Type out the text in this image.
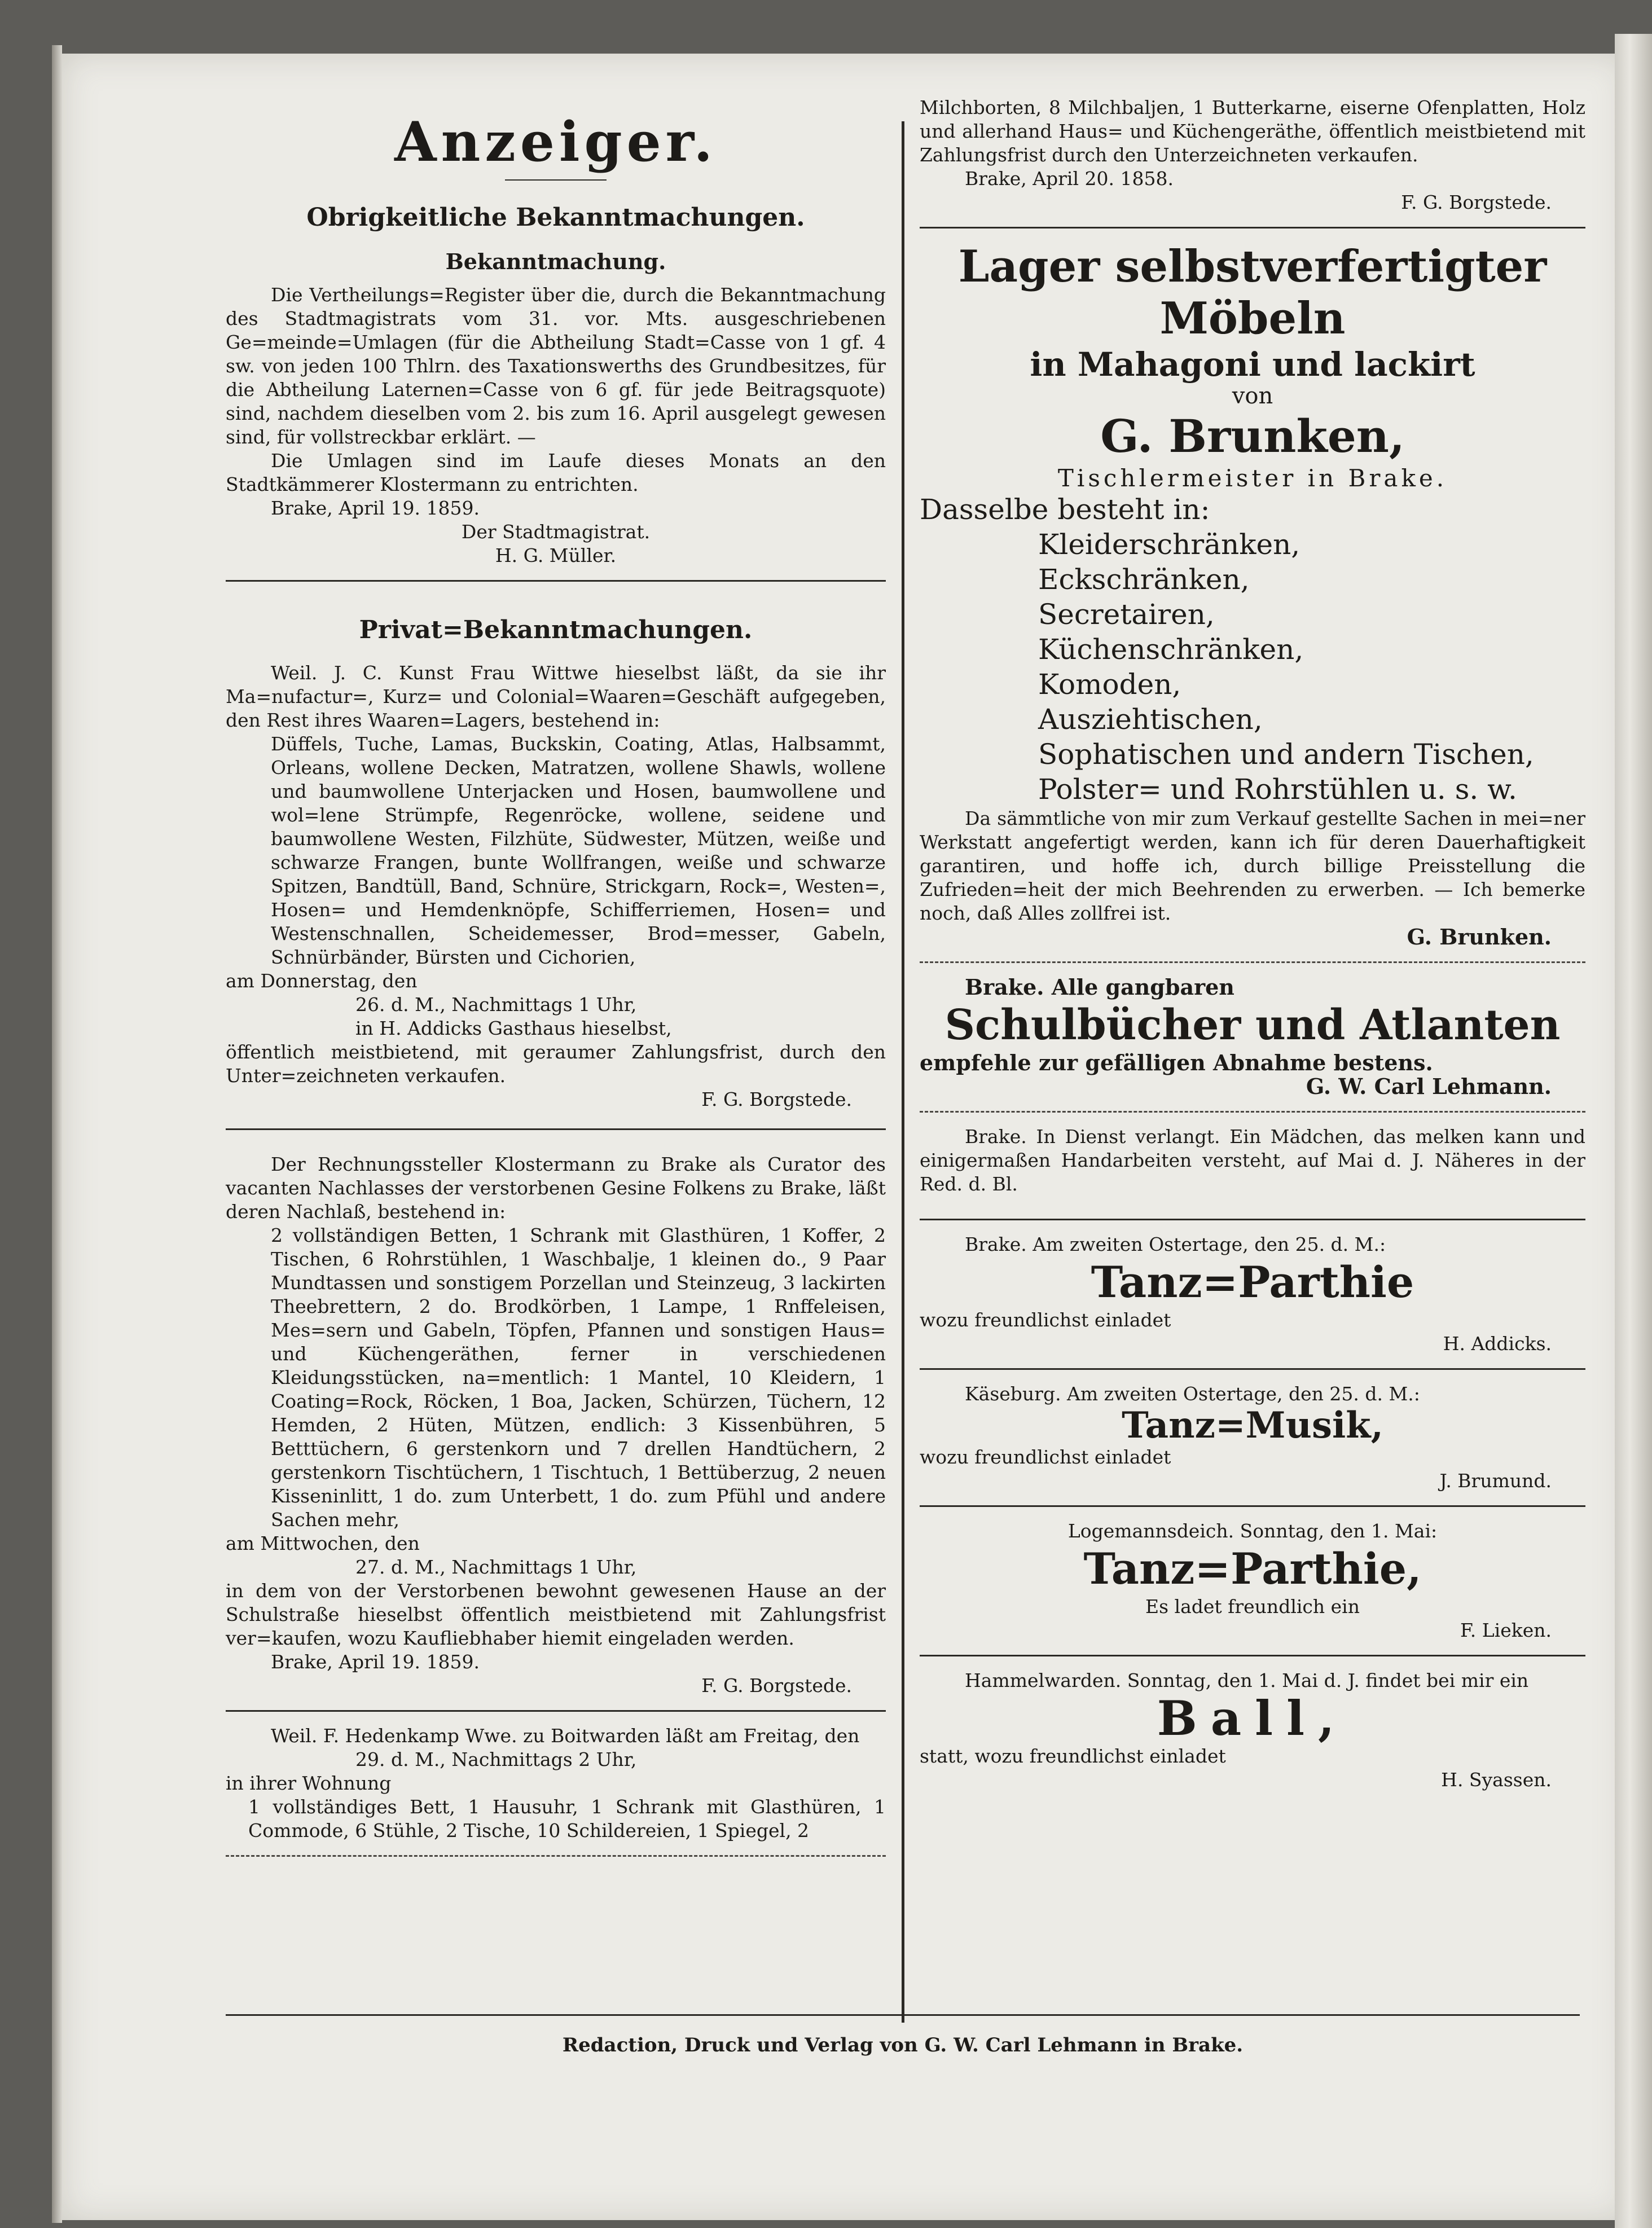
Anzeiger.
Obrigkeitliche Bekanntmachungen.
Bekanntmachung.

Die Vertheilungs=Register über die, durch die Bekanntmachung des Stadtmagistrats vom 31. vor. Mts. ausgeschriebenen Ge=meinde=Umlagen (für die Abtheilung Stadt=Casse von 1 gf. 4 sw. von jeden 100 Thlrn. des Taxationswerths des Grundbesitzes, für die Abtheilung Laternen=Casse von 6 gf. für jede Beitragsquote) sind, nachdem dieselben vom 2. bis zum 16. April ausgelegt gewesen sind, für vollstreckbar erklärt. —

Die Umlagen sind im Laufe dieses Monats an den Stadtkämmerer Klostermann zu entrichten.

Brake, April 19. 1859.

Der Stadtmagistrat.

H. G. Müller.

Privat=Bekanntmachungen.

Weil. J. C. Kunst Frau Wittwe hieselbst läßt, da sie ihr Ma=nufactur=, Kurz= und Colonial=Waaren=Geschäft aufgegeben, den Rest ihres Waaren=Lagers, bestehend in:

Düffels, Tuche, Lamas, Buckskin, Coating, Atlas, Halbsammt, Orleans, wollene Decken, Matratzen, wollene Shawls, wollene und baumwollene Unterjacken und Hosen, baumwollene und wol=lene Strümpfe, Regenröcke, wollene, seidene und baumwollene Westen, Filzhüte, Südwester, Mützen, weiße und schwarze Frangen, bunte Wollfrangen, weiße und schwarze Spitzen, Bandtüll, Band, Schnüre, Strickgarn, Rock=, Westen=, Hosen= und Hemdenknöpfe, Schifferriemen, Hosen= und Westenschnallen, Scheidemesser, Brod=messer, Gabeln, Schnürbänder, Bürsten und Cichorien,

am Donnerstag, den

26. d. M., Nachmittags 1 Uhr,

in H. Addicks Gasthaus hieselbst,

öffentlich meistbietend, mit geraumer Zahlungsfrist, durch den Unter=zeichneten verkaufen.

F. G. Borgstede.

Der Rechnungssteller Klostermann zu Brake als Curator des vacanten Nachlasses der verstorbenen Gesine Folkens zu Brake, läßt deren Nachlaß, bestehend in:

2 vollständigen Betten, 1 Schrank mit Glasthüren, 1 Koffer, 2 Tischen, 6 Rohrstühlen, 1 Waschbalje, 1 kleinen do., 9 Paar Mundtassen und sonstigem Porzellan und Steinzeug, 3 lackirten Theebrettern, 2 do. Brodkörben, 1 Lampe, 1 Rnffeleisen, Mes=sern und Gabeln, Töpfen, Pfannen und sonstigen Haus= und Küchengeräthen, ferner in verschiedenen Kleidungsstücken, na=mentlich: 1 Mantel, 10 Kleidern, 1 Coating=Rock, Röcken, 1 Boa, Jacken, Schürzen, Tüchern, 12 Hemden, 2 Hüten, Mützen, endlich: 3 Kissenbühren, 5 Betttüchern, 6 gerstenkorn und 7 drellen Handtüchern, 2 gerstenkorn Tischtüchern, 1 Tischtuch, 1 Bettüberzug, 2 neuen Kisseninlitt, 1 do. zum Unterbett, 1 do. zum Pfühl und andere Sachen mehr,

am Mittwochen, den

27. d. M., Nachmittags 1 Uhr,

in dem von der Verstorbenen bewohnt gewesenen Hause an der Schulstraße hieselbst öffentlich meistbietend mit Zahlungsfrist ver=kaufen, wozu Kaufliebhaber hiemit eingeladen werden.

Brake, April 19. 1859.

F. G. Borgstede.

Weil. F. Hedenkamp Wwe. zu Boitwarden läßt am Freitag, den

29. d. M., Nachmittags 2 Uhr,

in ihrer Wohnung

1 vollständiges Bett, 1 Hausuhr, 1 Schrank mit Glasthüren, 1 Commode, 6 Stühle, 2 Tische, 10 Schildereien, 1 Spiegel, 2

Milchborten, 8 Milchbaljen, 1 Butterkarne, eiserne Ofenplatten, Holz und allerhand Haus= und Küchengeräthe, öffentlich meistbietend mit Zahlungsfrist durch den Unterzeichneten verkaufen.

Brake, April 20. 1858.

F. G. Borgstede.

Lager selbstverfertigter Möbeln

in Mahagoni und lackirt

von

G. Brunken,

Tischlermeister in Brake.

Dasselbe besteht in:

Kleiderschränken,
Eckschränken,
Secretairen,
Küchenschränken,
Komoden,
Ausziehtischen,
Sophatischen und andern Tischen,
Polster= und Rohrstühlen u. s. w.

Da sämmtliche von mir zum Verkauf gestellte Sachen in mei=ner Werkstatt angefertigt werden, kann ich für deren Dauerhaftigkeit garantiren, und hoffe ich, durch billige Preisstellung die Zufrieden=heit der mich Beehrenden zu erwerben. — Ich bemerke noch, daß Alles zollfrei ist.

G. Brunken.

Brake. Alle gangbaren

Schulbücher und Atlanten

empfehle zur gefälligen Abnahme bestens.

G. W. Carl Lehmann.

Brake. In Dienst verlangt. Ein Mädchen, das melken kann und einigermaßen Handarbeiten versteht, auf Mai d. J. Näheres in der Red. d. Bl.

Brake. Am zweiten Ostertage, den 25. d. M.:

Tanz=Parthie

wozu freundlichst einladet

H. Addicks.

Käseburg. Am zweiten Ostertage, den 25. d. M.:

Tanz=Musik,

wozu freundlichst einladet

J. Brumund.

Logemannsdeich. Sonntag, den 1. Mai:

Tanz=Parthie,

Es ladet freundlich ein

F. Lieken.

Hammelwarden. Sonntag, den 1. Mai d. J. findet bei mir ein

Ball,

statt, wozu freundlichst einladet

H. Syassen.

Redaction, Druck und Verlag von G. W. Carl Lehmann in Brake.
